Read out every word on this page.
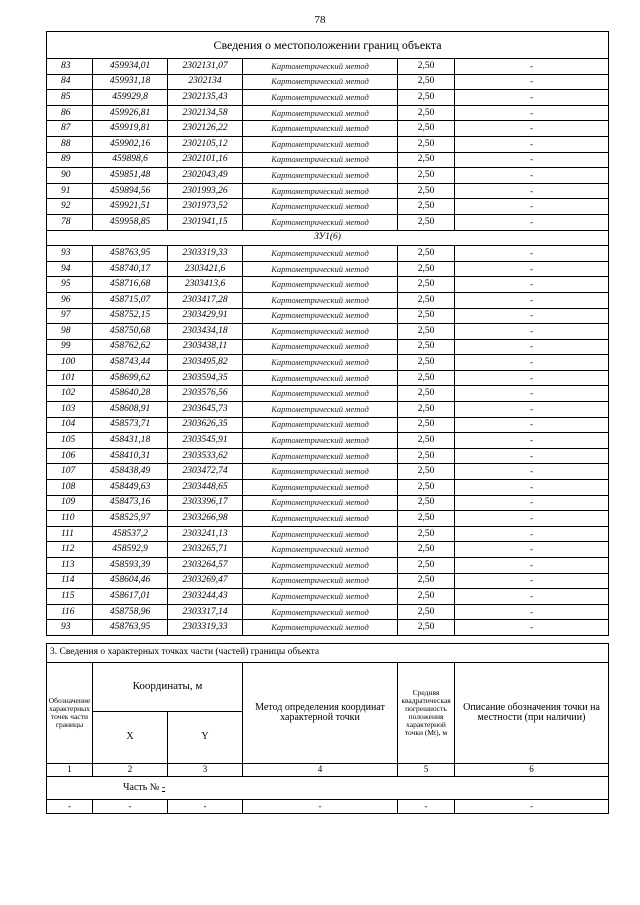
78
Сведения о местоположении границ объекта					
83	459934,01	2302131,07	Картометрический метод	2,50	-
84	459931,18	2302134	Картометрический метод	2,50	-
85	459929,8	2302135,43	Картометрический метод	2,50	-
86	459926,81	2302134,58	Картометрический метод	2,50	-
87	459919,81	2302126,22	Картометрический метод	2,50	-
88	459902,16	2302105,12	Картометрический метод	2,50	-
89	459898,6	2302101,16	Картометрический метод	2,50	-
90	459851,48	2302043,49	Картометрический метод	2,50	-
91	459894,56	2301993,26	Картометрический метод	2,50	-
92	459921,51	2301973,52	Картометрический метод	2,50	-
78	459958,85	2301941,15	Картометрический метод	2,50	-
ЗУ1(6)					
93	458763,95	2303319,33	Картометрический метод	2,50	-
94	458740,17	2303421,6	Картометрический метод	2,50	-
95	458716,68	2303413,6	Картометрический метод	2,50	-
96	458715,07	2303417,28	Картометрический метод	2,50	-
97	458752,15	2303429,91	Картометрический метод	2,50	-
98	458750,68	2303434,18	Картометрический метод	2,50	-
99	458762,62	2303438,11	Картометрический метод	2,50	-
100	458743,44	2303495,82	Картометрический метод	2,50	-
101	458699,62	2303594,35	Картометрический метод	2,50	-
102	458640,28	2303576,56	Картометрический метод	2,50	-
103	458608,91	2303645,73	Картометрический метод	2,50	-
104	458573,71	2303626,35	Картометрический метод	2,50	-
105	458431,18	2303545,91	Картометрический метод	2,50	-
106	458410,31	2303533,62	Картометрический метод	2,50	-
107	458438,49	2303472,74	Картометрический метод	2,50	-
108	458449,63	2303448,65	Картометрический метод	2,50	-
109	458473,16	2303396,17	Картометрический метод	2,50	-
110	458525,97	2303266,98	Картометрический метод	2,50	-
111	458537,2	2303241,13	Картометрический метод	2,50	-
112	458592,9	2303265,71	Картометрический метод	2,50	-
113	458593,39	2303264,57	Картометрический метод	2,50	-
114	458604,46	2303269,47	Картометрический метод	2,50	-
115	458617,01	2303244,43	Картометрический метод	2,50	-
116	458758,96	2303317,14	Картометрический метод	2,50	-
93	458763,95	2303319,33	Картометрический метод	2,50	-
3. Сведения о характерных точках части (частей) границы объекта					
Обозначение характерных точек части границы	Координаты, м		Метод определения координат характерной точки	Средняя квадратическая погрешность положения характерной точки (Mt), м	Описание обозначения точки на местности (при наличии)
	X	Y			
1	2	3	4	5	6
Часть № -					
-	-	-	-	-	-
